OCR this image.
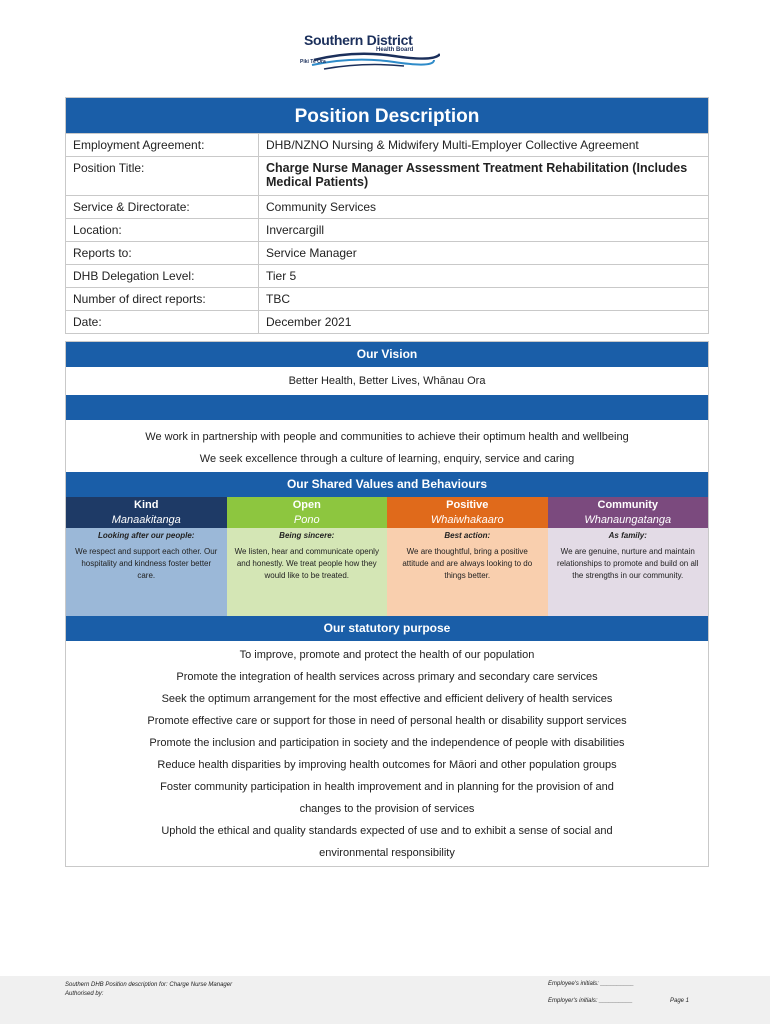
Southern District
Health Board
Piki Te Ora
Position Description
Employment Agreement:	DHB/NZNO Nursing & Midwifery Multi-Employer Collective Agreement
Position Title:	Charge Nurse Manager Assessment Treatment Rehabilitation (Includes Medical Patients)
Service & Directorate:	Community Services
Location:	Invercargill
Reports to:	Service Manager
DHB Delegation Level:	Tier 5
Number of direct reports:	TBC
Date:	December 2021
Our Vision
Better Health, Better Lives, Whānau Ora
We work in partnership with people and communities to achieve their optimum health and wellbeing
We seek excellence through a culture of learning, enquiry, service and caring
Our Shared Values and Behaviours
Kind
Manaakitanga
Looking after our people:
We respect and support each other. Our hospitality and kindness foster better care.
Open
Pono
Being sincere:
We listen, hear and communicate openly and honestly. We treat people how they would like to be treated.
Positive
Whaiwhakaaro
Best action:
We are thoughtful, bring a positive attitude and are always looking to do things better.
Community
Whanaungatanga
As family:
We are genuine, nurture and maintain relationships to promote and build on all the strengths in our community.
Our statutory purpose
To improve, promote and protect the health of our population
Promote the integration of health services across primary and secondary care services
Seek the optimum arrangement for the most effective and efficient delivery of health services
Promote effective care or support for those in need of personal health or disability support services
Promote the inclusion and participation in society and the independence of people with disabilities
Reduce health disparities by improving health outcomes for Māori and other population groups
Foster community participation in health improvement and in planning for the provision of and
changes to the provision of services
Uphold the ethical and quality standards expected of use and to exhibit a sense of social and
environmental responsibility
Southern DHB Position description for: Charge Nurse Manager
Authorised by:
Employee's initials: __________
Employer's initials: __________	Page 1
